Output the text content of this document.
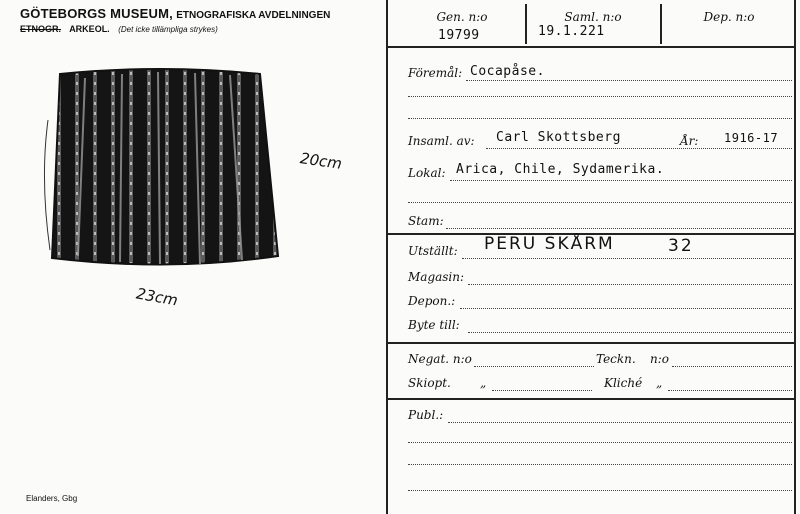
GÖTEBORGS MUSEUM, ETNOGRAFISKA AVDELNINGEN
ETNOGR. ARKEOL. (Det icke tillämpliga strykes)
20cm
23cm
Elanders, Gbg
Gen. n:o	Saml. n:o	Dep. n:o
19799	19.1.221
Föremål: Cocapåse.
Insaml. av: Carl Skottsberg	År: 1916-17
Lokal: Arica, Chile, Sydamerika.
Stam:
Utställt: PERU SKÅRM	32
Magasin:
Depon.:
Byte till:
Negat. n:o	Teckn. n:o
Skiopt. „	Kliché „
Publ.:
